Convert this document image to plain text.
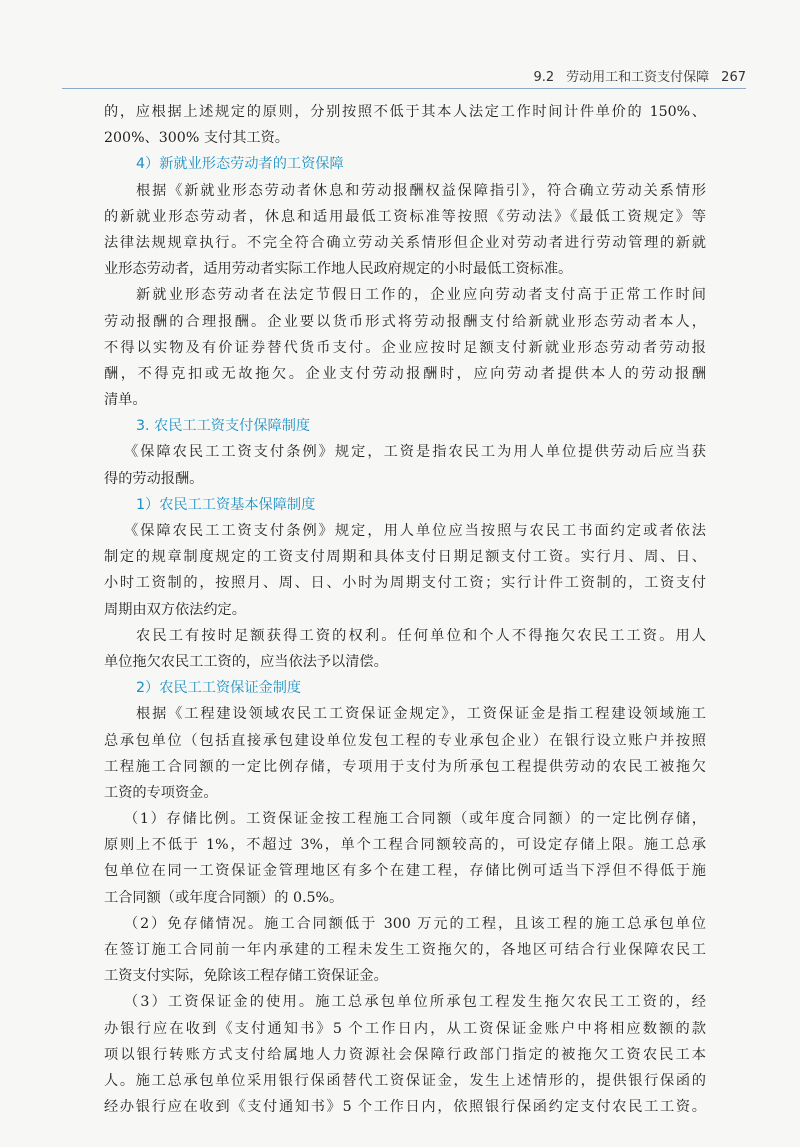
9.2 劳动用工和工资支付保障 267
的，应根据上述规定的原则，分别按照不低于其本人法定工作时间计件单价的 150%、
200%、300% 支付其工资。
4）新就业形态劳动者的工资保障
根据《新就业形态劳动者休息和劳动报酬权益保障指引》，符合确立劳动关系情形
的新就业形态劳动者，休息和适用最低工资标准等按照《劳动法》《最低工资规定》等
法律法规规章执行。不完全符合确立劳动关系情形但企业对劳动者进行劳动管理的新就
业形态劳动者，适用劳动者实际工作地人民政府规定的小时最低工资标准。
新就业形态劳动者在法定节假日工作的，企业应向劳动者支付高于正常工作时间
劳动报酬的合理报酬。企业要以货币形式将劳动报酬支付给新就业形态劳动者本人，
不得以实物及有价证券替代货币支付。企业应按时足额支付新就业形态劳动者劳动报
酬，不得克扣或无故拖欠。企业支付劳动报酬时，应向劳动者提供本人的劳动报酬
清单。
3. 农民工工资支付保障制度
《保障农民工工资支付条例》规定，工资是指农民工为用人单位提供劳动后应当获
得的劳动报酬。
1）农民工工资基本保障制度
《保障农民工工资支付条例》规定，用人单位应当按照与农民工书面约定或者依法
制定的规章制度规定的工资支付周期和具体支付日期足额支付工资。实行月、周、日、
小时工资制的，按照月、周、日、小时为周期支付工资；实行计件工资制的，工资支付
周期由双方依法约定。
农民工有按时足额获得工资的权利。任何单位和个人不得拖欠农民工工资。用人
单位拖欠农民工工资的，应当依法予以清偿。
2）农民工工资保证金制度
根据《工程建设领域农民工工资保证金规定》，工资保证金是指工程建设领域施工
总承包单位（包括直接承包建设单位发包工程的专业承包企业）在银行设立账户并按照
工程施工合同额的一定比例存储，专项用于支付为所承包工程提供劳动的农民工被拖欠
工资的专项资金。
（1）存储比例。工资保证金按工程施工合同额（或年度合同额）的一定比例存储，
原则上不低于 1%，不超过 3%，单个工程合同额较高的，可设定存储上限。施工总承
包单位在同一工资保证金管理地区有多个在建工程，存储比例可适当下浮但不得低于施
工合同额（或年度合同额）的 0.5%。
（2）免存储情况。施工合同额低于 300 万元的工程，且该工程的施工总承包单位
在签订施工合同前一年内承建的工程未发生工资拖欠的，各地区可结合行业保障农民工
工资支付实际，免除该工程存储工资保证金。
（3）工资保证金的使用。施工总承包单位所承包工程发生拖欠农民工工资的，经
办银行应在收到《支付通知书》5 个工作日内，从工资保证金账户中将相应数额的款
项以银行转账方式支付给属地人力资源社会保障行政部门指定的被拖欠工资农民工本
人。施工总承包单位采用银行保函替代工资保证金，发生上述情形的，提供银行保函的
经办银行应在收到《支付通知书》5 个工作日内，依照银行保函约定支付农民工工资。
